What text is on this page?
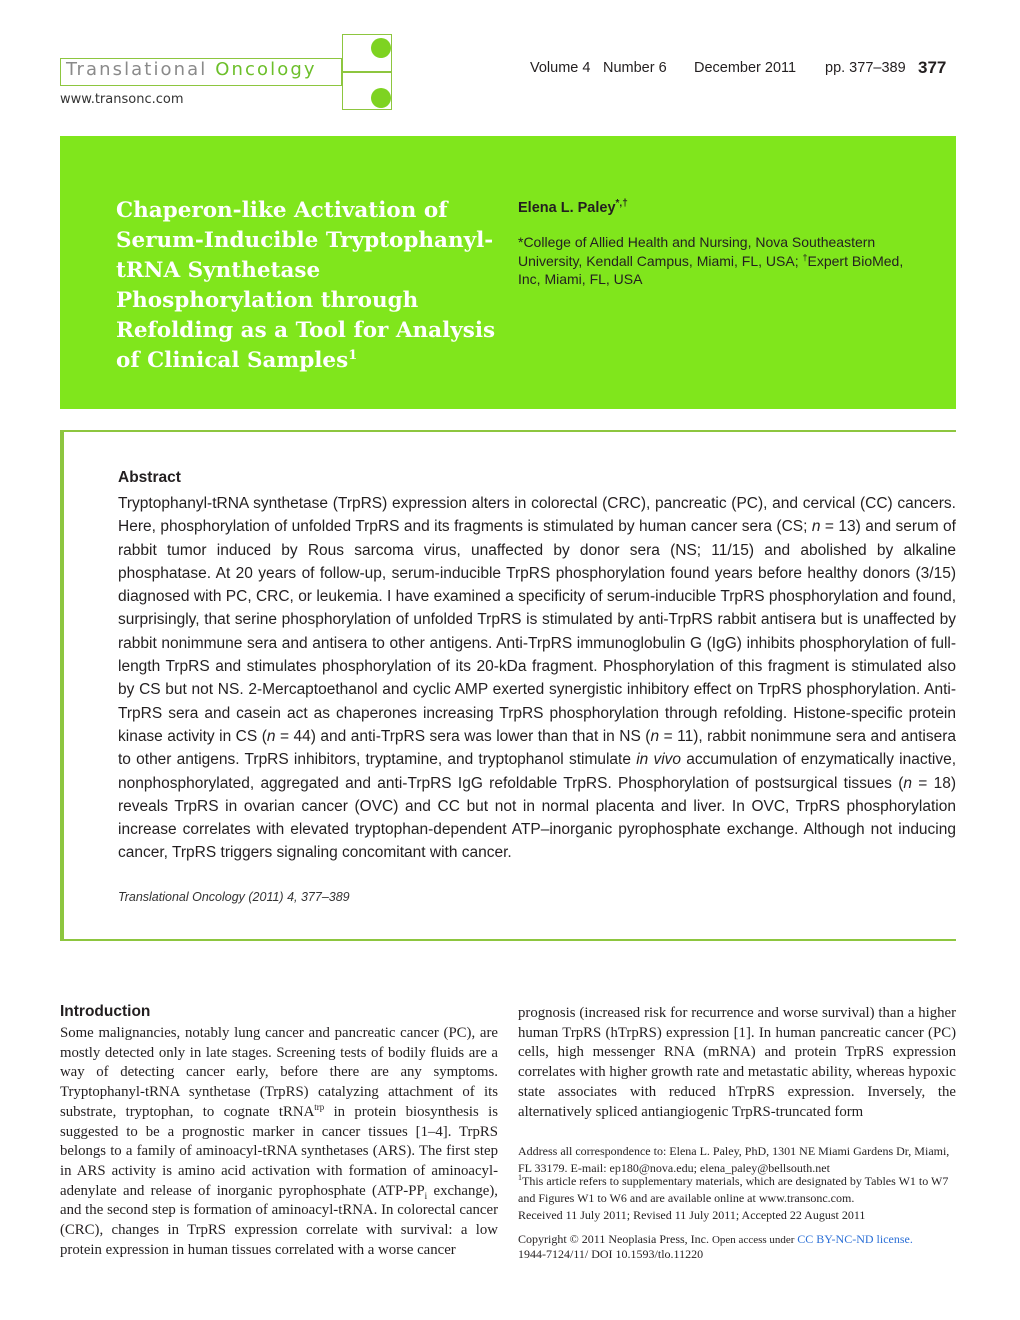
Translational Oncology
www.transonc.com
Volume 4 Number 6 December 2011 pp. 377–389 377
Chaperon-like Activation of Serum-Inducible Tryptophanyl-tRNA Synthetase Phosphorylation through Refolding as a Tool for Analysis of Clinical Samples$^1$
Elena L. Paley*,†
*College of Allied Health and Nursing, Nova Southeastern University, Kendall Campus, Miami, FL, USA; †Expert BioMed, Inc, Miami, FL, USA
Abstract

Tryptophanyl-tRNA synthetase (TrpRS) expression alters in colorectal (CRC), pancreatic (PC), and cervical (CC) cancers. Here, phosphorylation of unfolded TrpRS and its fragments is stimulated by human cancer sera (CS; n = 13) and serum of rabbit tumor induced by Rous sarcoma virus, unaffected by donor sera (NS; 11/15) and abolished by alkaline phosphatase. At 20 years of follow-up, serum-inducible TrpRS phosphorylation found years before healthy donors (3/15) diagnosed with PC, CRC, or leukemia. I have examined a specificity of serum-inducible TrpRS phosphorylation and found, surprisingly, that serine phosphorylation of unfolded TrpRS is stimulated by anti-TrpRS rabbit antisera but is unaffected by rabbit nonimmune sera and antisera to other antigens. Anti-TrpRS immunoglobulin G (IgG) inhibits phosphorylation of full-length TrpRS and stimulates phosphorylation of its 20-kDa fragment. Phosphorylation of this fragment is stimulated also by CS but not NS. 2-Mercaptoethanol and cyclic AMP exerted synergistic inhibitory effect on TrpRS phosphorylation. Anti-TrpRS sera and casein act as chaperones increasing TrpRS phosphorylation through refolding. Histone-specific protein kinase activity in CS (n = 44) and anti-TrpRS sera was lower than that in NS (n = 11), rabbit nonimmune sera and antisera to other antigens. TrpRS inhibitors, tryptamine, and tryptophanol stimulate in vivo accumulation of enzymatically inactive, nonphosphorylated, aggregated and anti-TrpRS IgG refoldable TrpRS. Phosphorylation of postsurgical tissues (n = 18) reveals TrpRS in ovarian cancer (OVC) and CC but not in normal placenta and liver. In OVC, TrpRS phosphorylation increase correlates with elevated tryptophan-dependent ATP–inorganic pyrophosphate exchange. Although not inducing cancer, TrpRS triggers signaling concomitant with cancer.

Translational Oncology (2011) 4, 377–389
Introduction

Some malignancies, notably lung cancer and pancreatic cancer (PC), are mostly detected only in late stages. Screening tests of bodily fluids are a way of detecting cancer early, before there are any symptoms. Tryptophanyl-tRNA synthetase (TrpRS) catalyzing attachment of its substrate, tryptophan, to cognate tRNA$^{trp}$ in protein biosynthesis is suggested to be a prognostic marker in cancer tissues [1–4]. TrpRS belongs to a family of aminoacyl-tRNA synthetases (ARS). The first step in ARS activity is amino acid activation with formation of aminoacyl-adenylate and release of inorganic pyrophosphate ($ATP-PP_i$ exchange), and the second step is formation of aminoacyl-tRNA. In colorectal cancer (CRC), changes in TrpRS expression correlate with survival: a low protein expression in human tissues correlated with a worse cancer

prognosis (increased risk for recurrence and worse survival) than a higher human TrpRS (hTrpRS) expression [1]. In human pancreatic cancer (PC) cells, high messenger RNA (mRNA) and protein TrpRS expression correlates with higher growth rate and metastatic ability, whereas hypoxic state associates with reduced hTrpRS expression. Inversely, the alternatively spliced antiangiogenic TrpRS-truncated form

Address all correspondence to: Elena L. Paley, PhD, 1301 NE Miami Gardens Dr, Miami, FL 33179. E-mail: ep180@nova.edu; elena_paley@bellsouth.net

$^1$This article refers to supplementary materials, which are designated by Tables W1 to W7 and Figures W1 to W6 and are available online at www.transonc.com.

Received 11 July 2011; Revised 11 July 2011; Accepted 22 August 2011

Copyright © 2011 Neoplasia Press, Inc. Open access under CC BY-NC-ND license.

1944-7124/11/ DOI 10.1593/tlo.11220
